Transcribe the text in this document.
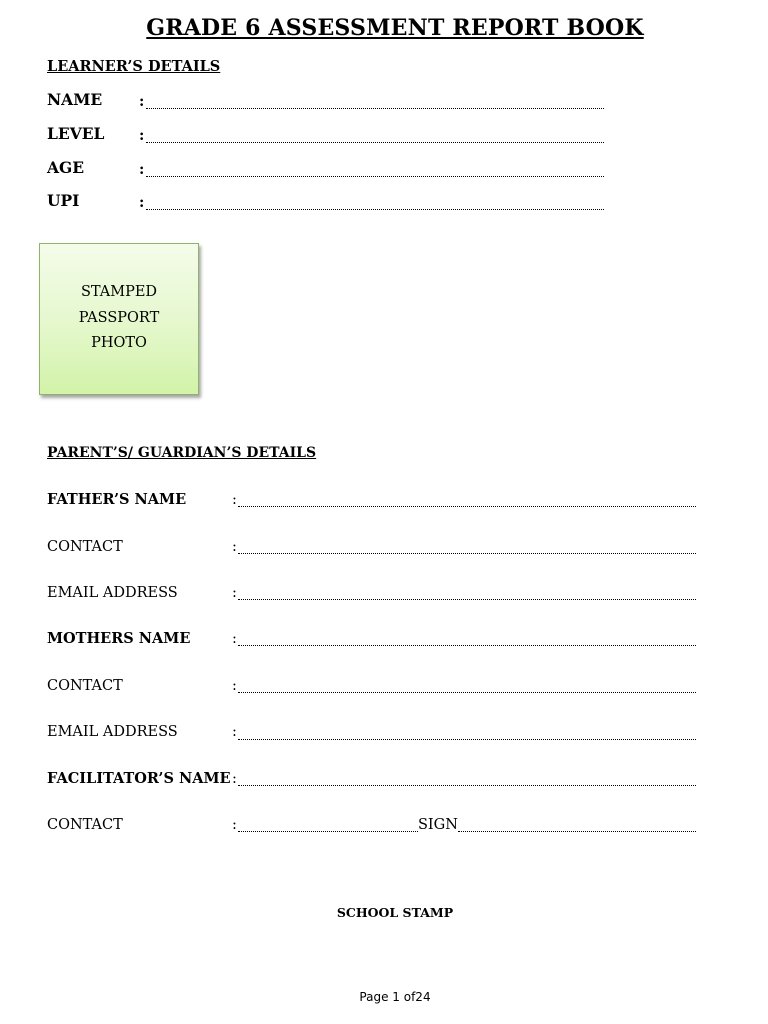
GRADE 6 ASSESSMENT REPORT BOOK
LEARNER’S DETAILS
NAME	:
LEVEL :
AGE	:
UPI	:
STAMPED
PASSPORT
PHOTO
PARENT’S/ GUARDIAN’S DETAILS
FATHER’S NAME	:
CONTACT	:
EMAIL ADDRESS	:
MOTHERS NAME	:
CONTACT	:
EMAIL ADDRESS	:
FACILITATOR’S NAME :
CONTACT	:	SIGN
SCHOOL STAMP
Page 1 of24
